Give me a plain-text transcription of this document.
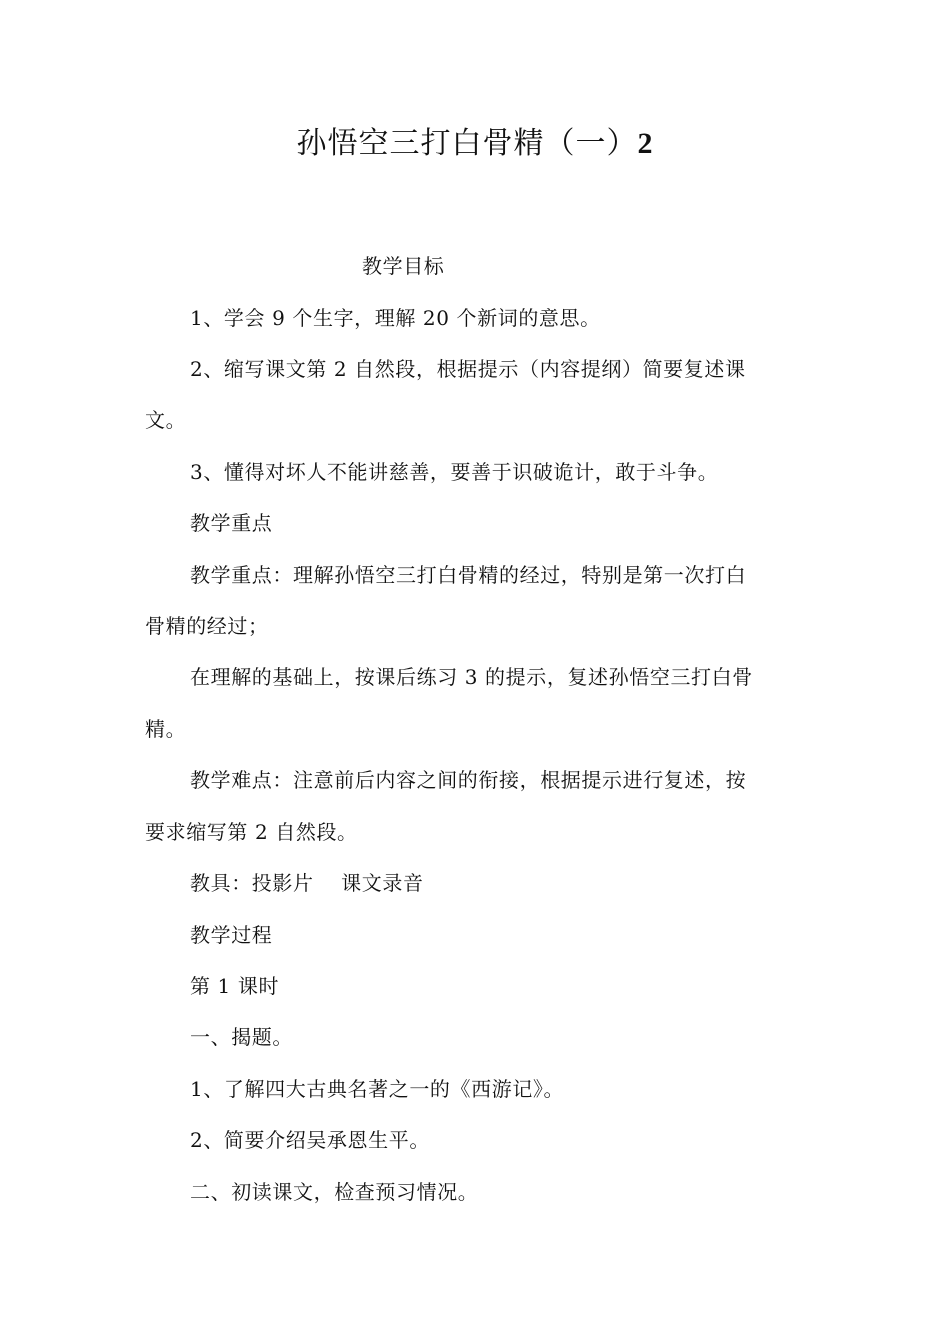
孙悟空三打白骨精（一）2
教学目标
1、学会 9 个生字，理解 20 个新词的意思。
2、缩写课文第 2 自然段，根据提示（内容提纲）简要复述课
文。
3、懂得对坏人不能讲慈善，要善于识破诡计，敢于斗争。
教学重点
教学重点：理解孙悟空三打白骨精的经过，特别是第一次打白
骨精的经过；
在理解的基础上，按课后练习 3 的提示，复述孙悟空三打白骨
精。
教学难点：注意前后内容之间的衔接，根据提示进行复述，按
要求缩写第 2 自然段。
教具：投影片　 课文录音
教学过程
第 1 课时
一、揭题。
1、了解四大古典名著之一的《西游记》。
2、简要介绍吴承恩生平。
二、初读课文，检查预习情况。
